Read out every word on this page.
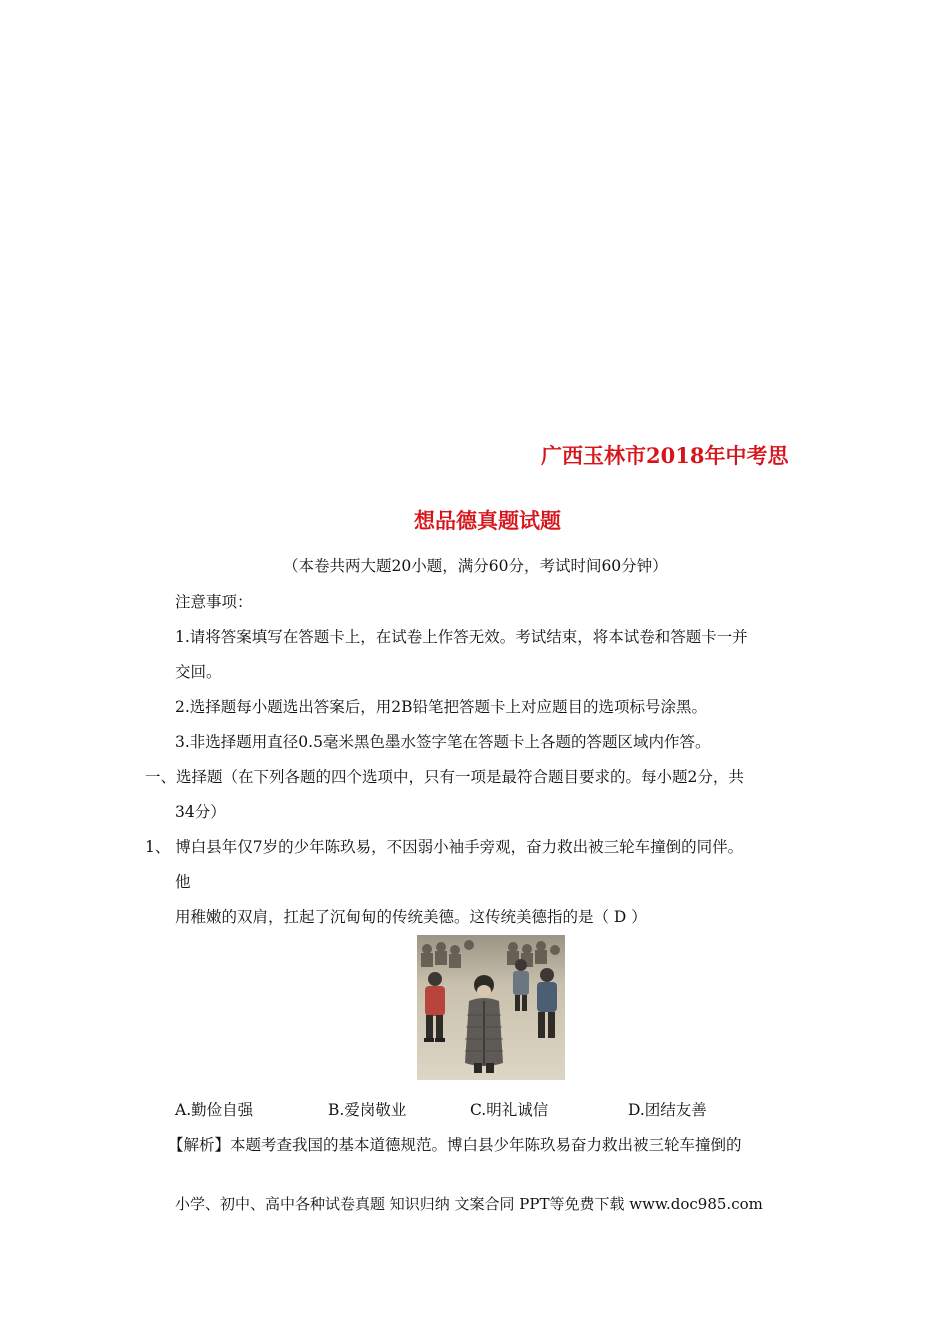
广西玉林市2018年中考思
想品德真题试题
（本卷共两大题20小题，满分60分，考试时间60分钟）
注意事项：
1.请将答案填写在答题卡上，在试卷上作答无效。考试结束，将本试卷和答题卡一并
交回。
2.选择题每小题选出答案后，用2B铅笔把答题卡上对应题目的选项标号涂黑。
3.非选择题用直径0.5毫米黑色墨水签字笔在答题卡上各题的答题区域内作答。
一、选择题（在下列各题的四个选项中，只有一项是最符合题目要求的。每小题2分，共
34分）
1、 博白县年仅7岁的少年陈玖易，不因弱小袖手旁观，奋力救出被三轮车撞倒的同伴。
他
用稚嫩的双肩，扛起了沉甸甸的传统美德。这传统美德指的是（ D ）
A.勤俭自强	B.爱岗敬业	C.明礼诚信	D.团结友善
【解析】本题考查我国的基本道德规范。博白县少年陈玖易奋力救出被三轮车撞倒的
小学、初中、高中各种试卷真题 知识归纳 文案合同 PPT等免费下载 www.doc985.com
